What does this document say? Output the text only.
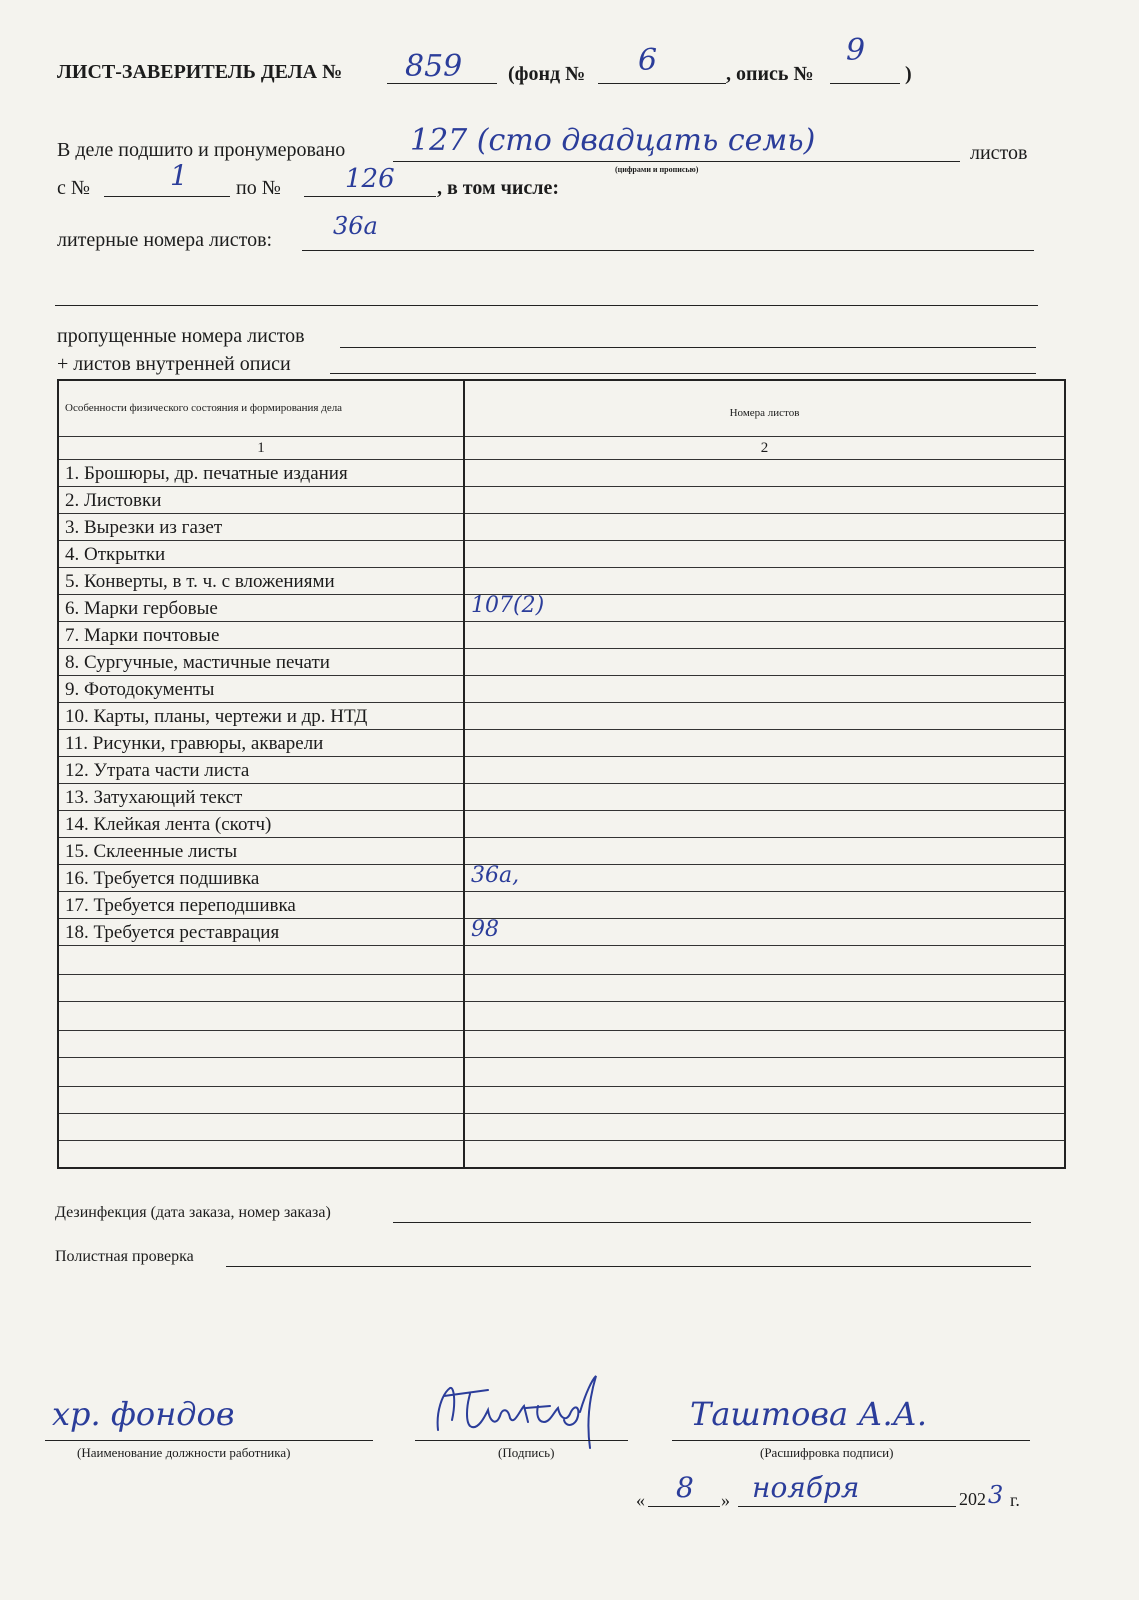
ЛИСТ-ЗАВЕРИТЕЛЬ ДЕЛА № 859 (фонд № 6	, опись №
9
)
В деле подшито и пронумеровано 127 (сто двадцать семь)
(цифрами и прописью)
листов
с №	1 по № 126 , в том числе:
литерные номера листов:	36а
пропущенные номера листов
+ листов внутренней описи
Особенности физического состояния и формирования дела	Номера листов
1	2
1. Брошюры, др. печатные издания	

2. Листовки	

3. Вырезки из газет	

4. Открытки	

5. Конверты, в т. ч. с вложениями	

6. Марки гербовые	107(2)

7. Марки почтовые	

8. Сургучные, мастичные печати	

9. Фотодокументы	

10. Карты, планы, чертежи и др. НТД	

11. Рисунки, гравюры, акварели	

12. Утрата части листа	

13. Затухающий текст	

14. Клейкая лента (скотч)	

15. Склеенные листы	

16. Требуется подшивка	36а,

17. Требуется переподшивка	

18. Требуется реставрация	98

Дезинфекция (дата заказа, номер заказа)
Полистная проверка
хр. фондов
(Наименование должности работника)	(Подпись)
Таштова А.А.
(Расшифровка подписи)
« 8 » ноября	202 3 г.
